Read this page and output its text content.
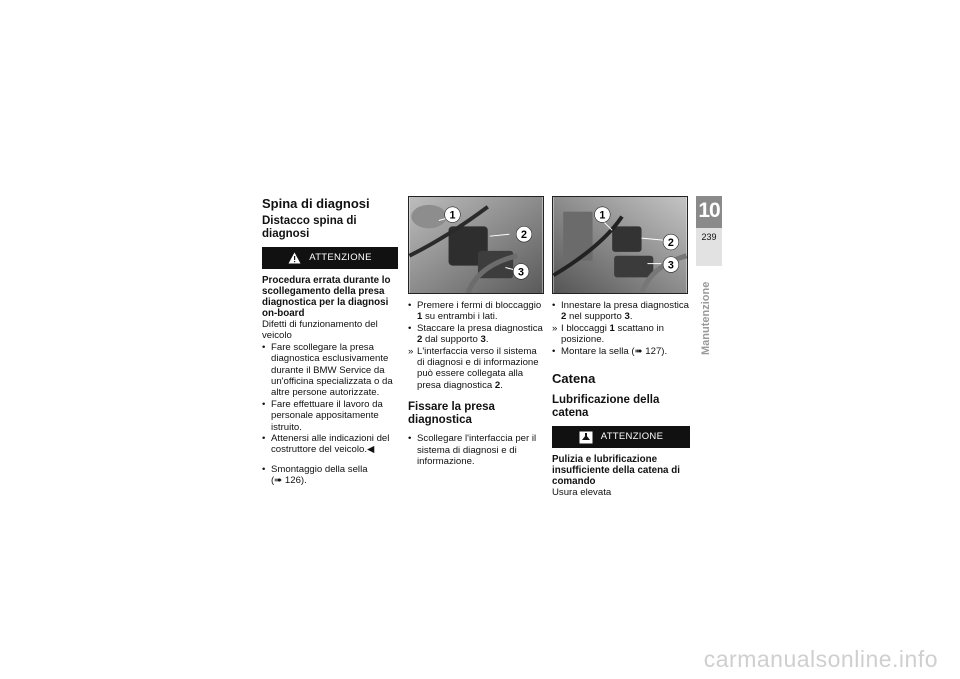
Spina di diagnosi
Distacco spina di diagnosi
ATTENZIONE
Procedura errata durante lo scollegamento della presa diagnostica per la diagnosi on-board
Difetti di funzionamento del veicolo
• Fare scollegare la presa diagnostica esclusivamente durante il BMW Service da un'officina specializzata o da altre persone autorizzate.
• Fare effettuare il lavoro da personale appositamente istruito.
• Attenersi alle indicazioni del costruttore del veicolo.◀
• Smontaggio della sella
(➠ 126).
1
2
3
• Premere i fermi di bloccaggio 1 su entrambi i lati.
• Staccare la presa diagnostica 2 dal supporto 3.
» L'interfaccia verso il sistema di diagnosi e di informazione può essere collegata alla presa diagnostica 2.
Fissare la presa diagnostica
• Scollegare l'interfaccia per il sistema di diagnosi e di informazione.
1
2
3
• Innestare la presa diagnostica 2 nel supporto 3.
» I bloccaggi 1 scattano in posizione.
• Montare la sella (➠ 127).
Catena
Lubrificazione della catena
ATTENZIONE
Pulizia e lubrificazione insufficiente della catena di comando
Usura elevata
10
239
Manutenzione
carmanualsonline.info
